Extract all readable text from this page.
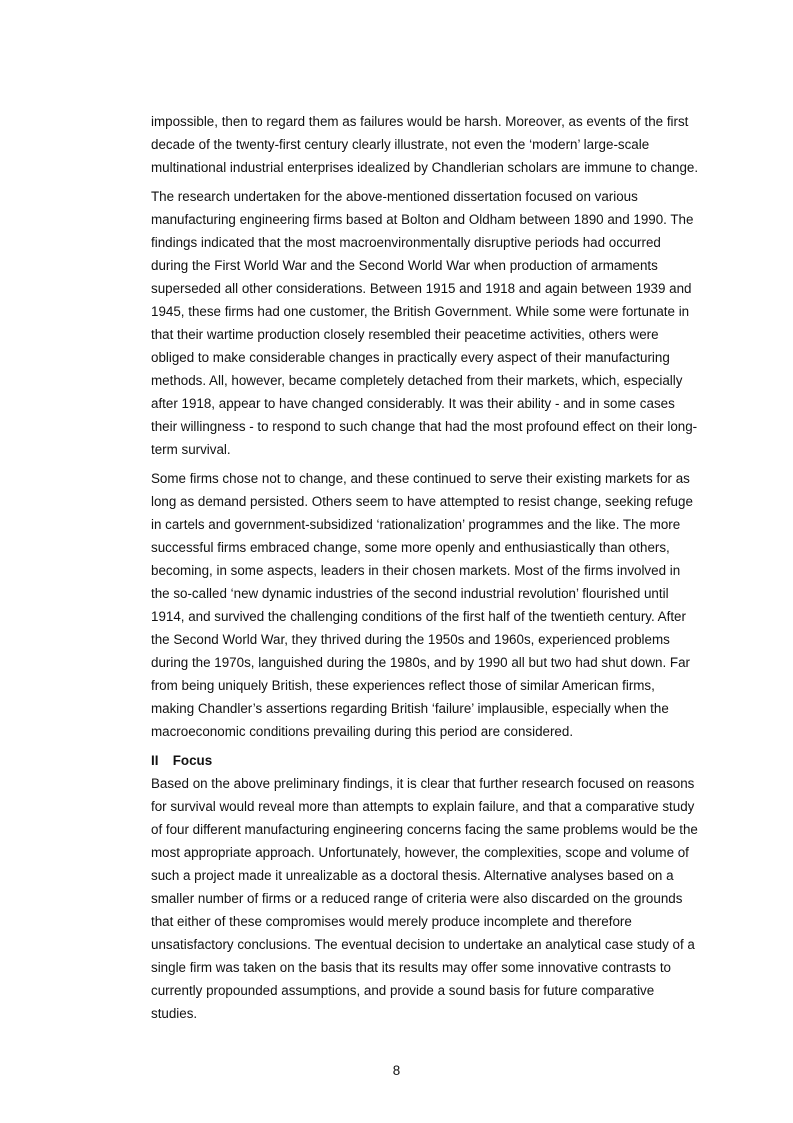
impossible, then to regard them as failures would be harsh. Moreover, as events of the first
decade of the twenty-first century clearly illustrate, not even the ‘modern’ large-scale
multinational industrial enterprises idealized by Chandlerian scholars are immune to change.

The research undertaken for the above-mentioned dissertation focused on various
manufacturing engineering firms based at Bolton and Oldham between 1890 and 1990. The
findings indicated that the most macroenvironmentally disruptive periods had occurred
during the First World War and the Second World War when production of armaments
superseded all other considerations. Between 1915 and 1918 and again between 1939 and
1945, these firms had one customer, the British Government. While some were fortunate in
that their wartime production closely resembled their peacetime activities, others were
obliged to make considerable changes in practically every aspect of their manufacturing
methods. All, however, became completely detached from their markets, which, especially
after 1918, appear to have changed considerably. It was their ability - and in some cases
their willingness - to respond to such change that had the most profound effect on their long-
term survival.

Some firms chose not to change, and these continued to serve their existing markets for as
long as demand persisted. Others seem to have attempted to resist change, seeking refuge
in cartels and government-subsidized ‘rationalization’ programmes and the like. The more
successful firms embraced change, some more openly and enthusiastically than others,
becoming, in some aspects, leaders in their chosen markets. Most of the firms involved in
the so-called ‘new dynamic industries of the second industrial revolution’ flourished until
1914, and survived the challenging conditions of the first half of the twentieth century. After
the Second World War, they thrived during the 1950s and 1960s, experienced problems
during the 1970s, languished during the 1980s, and by 1990 all but two had shut down. Far
from being uniquely British, these experiences reflect those of similar American firms,
making Chandler’s assertions regarding British ‘failure’ implausible, especially when the
macroeconomic conditions prevailing during this period are considered.

II Focus

Based on the above preliminary findings, it is clear that further research focused on reasons
for survival would reveal more than attempts to explain failure, and that a comparative study
of four different manufacturing engineering concerns facing the same problems would be the
most appropriate approach. Unfortunately, however, the complexities, scope and volume of
such a project made it unrealizable as a doctoral thesis. Alternative analyses based on a
smaller number of firms or a reduced range of criteria were also discarded on the grounds
that either of these compromises would merely produce incomplete and therefore
unsatisfactory conclusions. The eventual decision to undertake an analytical case study of a
single firm was taken on the basis that its results may offer some innovative contrasts to
currently propounded assumptions, and provide a sound basis for future comparative
studies.

8
